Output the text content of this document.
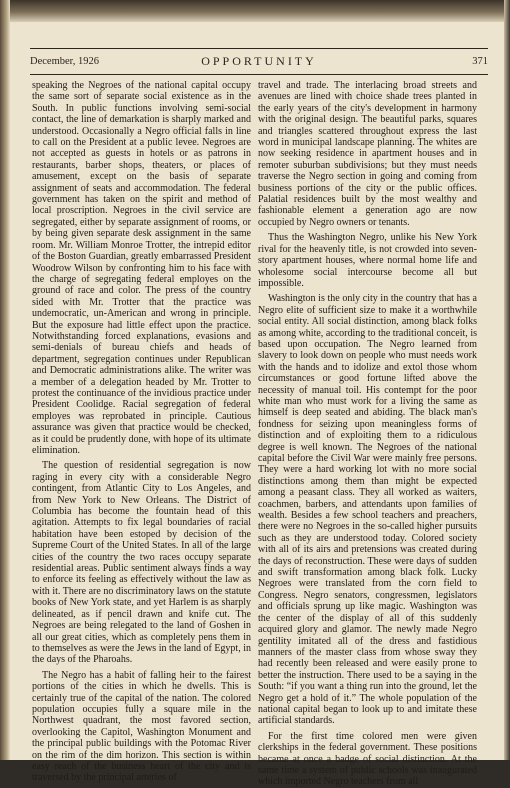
December, 1926	OPPORTUNITY	371

speaking the Negroes of the national capital occupy the same sort of separate social existence as in the South. In public functions involving semi-social contact, the line of demarkation is sharply marked and understood. Occasionally a Negro official falls in line to call on the President at a public levee. Negroes are not accepted as guests in hotels or as patrons in restaurants, barber shops, theaters, or places of amusement, except on the basis of separate assignment of seats and accommodation. The federal government has taken on the spirit and method of local proscription. Negroes in the civil service are segregated, either by separate assignment of rooms, or by being given separate desk assignment in the same room. Mr. William Monroe Trotter, the intrepid editor of the Boston Guardian, greatly embarrassed President Woodrow Wilson by confronting him to his face with the charge of segregating federal employes on the ground of race and color. The press of the country sided with Mr. Trotter that the practice was undemocratic, un-American and wrong in principle. But the exposure had little effect upon the practice. Notwithstanding forced explanations, evasions and semi-denials of bureau chiefs and heads of department, segregation continues under Republican and Democratic administrations alike. The writer was a member of a delegation headed by Mr. Trotter to protest the continuance of the invidious practice under President Coolidge. Racial segregation of federal employes was reprobated in principle. Cautious assurance was given that practice would be checked, as it could be prudently done, with hope of its ultimate elimination.

The question of residential segregation is now raging in every city with a considerable Negro contingent, from Atlantic City to Los Angeles, and from New York to New Orleans. The District of Columbia has become the fountain head of this agitation. Attempts to fix legal boundaries of racial habitation have been estoped by decision of the Supreme Court of the United States. In all of the large cities of the country the two races occupy separate residential areas. Public sentiment always finds a way to enforce its feeling as effectively without the law as with it. There are no discriminatory laws on the statute books of New York state, and yet Harlem is as sharply delineated, as if pencil drawn and knife cut. The Negroes are being relegated to the land of Goshen in all our great cities, which as completely pens them in to themselves as were the Jews in the land of Egypt, in the days of the Pharoahs.

The Negro has a habit of falling heir to the fairest portions of the cities in which he dwells. This is certainly true of the capital of the nation. The colored population occupies fully a square mile in the Northwest quadrant, the most favored section, overlooking the Capitol, Washington Monument and the principal public buildings with the Potomac River on the rim of the dim horizon. This section is within easy reach of the business heart of the city and is traversed by the principal arteries of

travel and trade. The interlacing broad streets and avenues are lined with choice shade trees planted in the early years of the city's development in harmony with the original design. The beautiful parks, squares and triangles scattered throughout express the last word in municipal landscape planning. The whites are now seeking residence in apartment houses and in remoter suburban subdivisions; but they must needs traverse the Negro section in going and coming from business portions of the city or the public offices. Palatial residences built by the most wealthy and fashionable element a generation ago are now occupied by Negro owners or tenants.

Thus the Washington Negro, unlike his New York rival for the heavenly title, is not crowded into seven-story apartment houses, where normal home life and wholesome social intercourse become all but impossible.

Washington is the only city in the country that has a Negro elite of sufficient size to make it a worthwhile social entity. All social distinction, among black folks as among white, according to the traditional conceit, is based upon occupation. The Negro learned from slavery to look down on people who must needs work with the hands and to idolize and extol those whom circumstances or good fortune lifted above the necessity of manual toil. His contempt for the poor white man who must work for a living the same as himself is deep seated and abiding. The black man's fondness for seizing upon meaningless forms of distinction and of exploiting them to a ridiculous degree is well known. The Negroes of the national capital before the Civil War were mainly free persons. They were a hard working lot with no more social distinctions among them than might be expected among a peasant class. They all worked as waiters, coachmen, barbers, and attendants upon families of wealth. Besides a few school teachers and preachers, there were no Negroes in the so-called higher pursuits such as they are understood today. Colored society with all of its airs and pretensions was created during the days of reconstruction. These were days of sudden and swift transformation among black folk. Lucky Negroes were translated from the corn field to Congress. Negro senators, congressmen, legislators and officials sprung up like magic. Washington was the center of the display of all of this suddenly acquired glory and glamor. The newly made Negro gentility imitated all of the dress and fastidious manners of the master class from whose sway they had recently been released and were easily prone to better the instruction. There used to be a saying in the South: “if you want a thing run into the ground, let the Negro get a hold of it.” The whole population of the national capital began to look up to and imitate these artificial standards.

For the first time colored men were given clerkships in the federal government. These positions became at once a badge of social distinction. At the same time a system of public schools was inaugurated which imported Negro teachers from all
